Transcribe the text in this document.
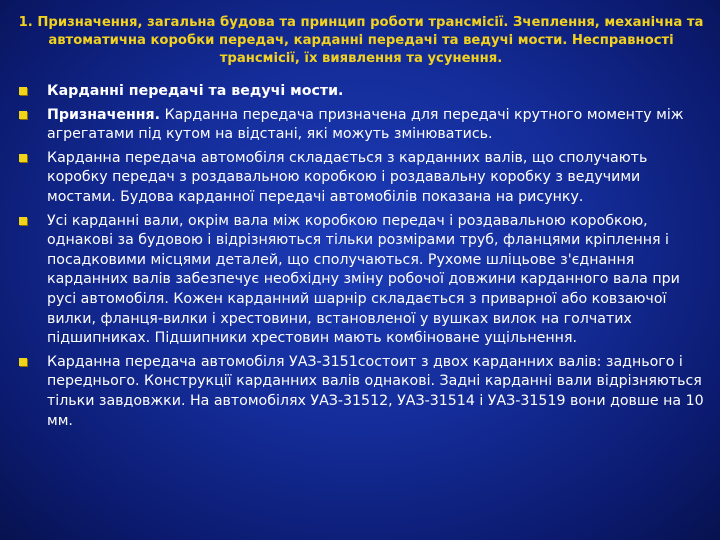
1. Призначення, загальна будова та принцип роботи трансмісії. Зчеплення, механічна та автоматична коробки передач, карданні передачі та ведучі мости. Несправності трансмісії, їх виявлення та усунення.
Карданні передачі та ведучі мости.
Призначення. Карданна передача призначена для передачі крутного моменту між агрегатами під кутом на відстані, які можуть змінюватись.
Карданна передача автомобіля складається з карданних валів, що сполучають коробку передач з роздавальною коробкою і роздавальну коробку з ведучими мостами. Будова карданної передачі автомобілів показана на рисунку.
Усі карданні вали, окрім вала між коробкою передач і роздавальною коробкою, однакові за будовою і відрізняються тільки розмірами труб, фланцями кріплення і посадковими місцями деталей, що сполучаються. Рухоме шліцьове з'єднання карданних валів забезпечує необхідну зміну робочої довжини карданного вала при русі автомобіля. Кожен карданний шарнір складається з приварної або ковзаючої вилки, фланця-вилки і хрестовини, встановленої у вушках вилок на голчатих підшипниках. Підшипники хрестовин мають комбіноване ущільнення.
Карданна передача автомобіля УАЗ-3151состоит з двох карданних валів: заднього і переднього. Конструкції карданних валів однакові. Задні карданні вали відрізняються тільки завдовжки. На автомобілях УАЗ-31512, УАЗ-31514 і УАЗ-31519 вони довше на 10 мм.
